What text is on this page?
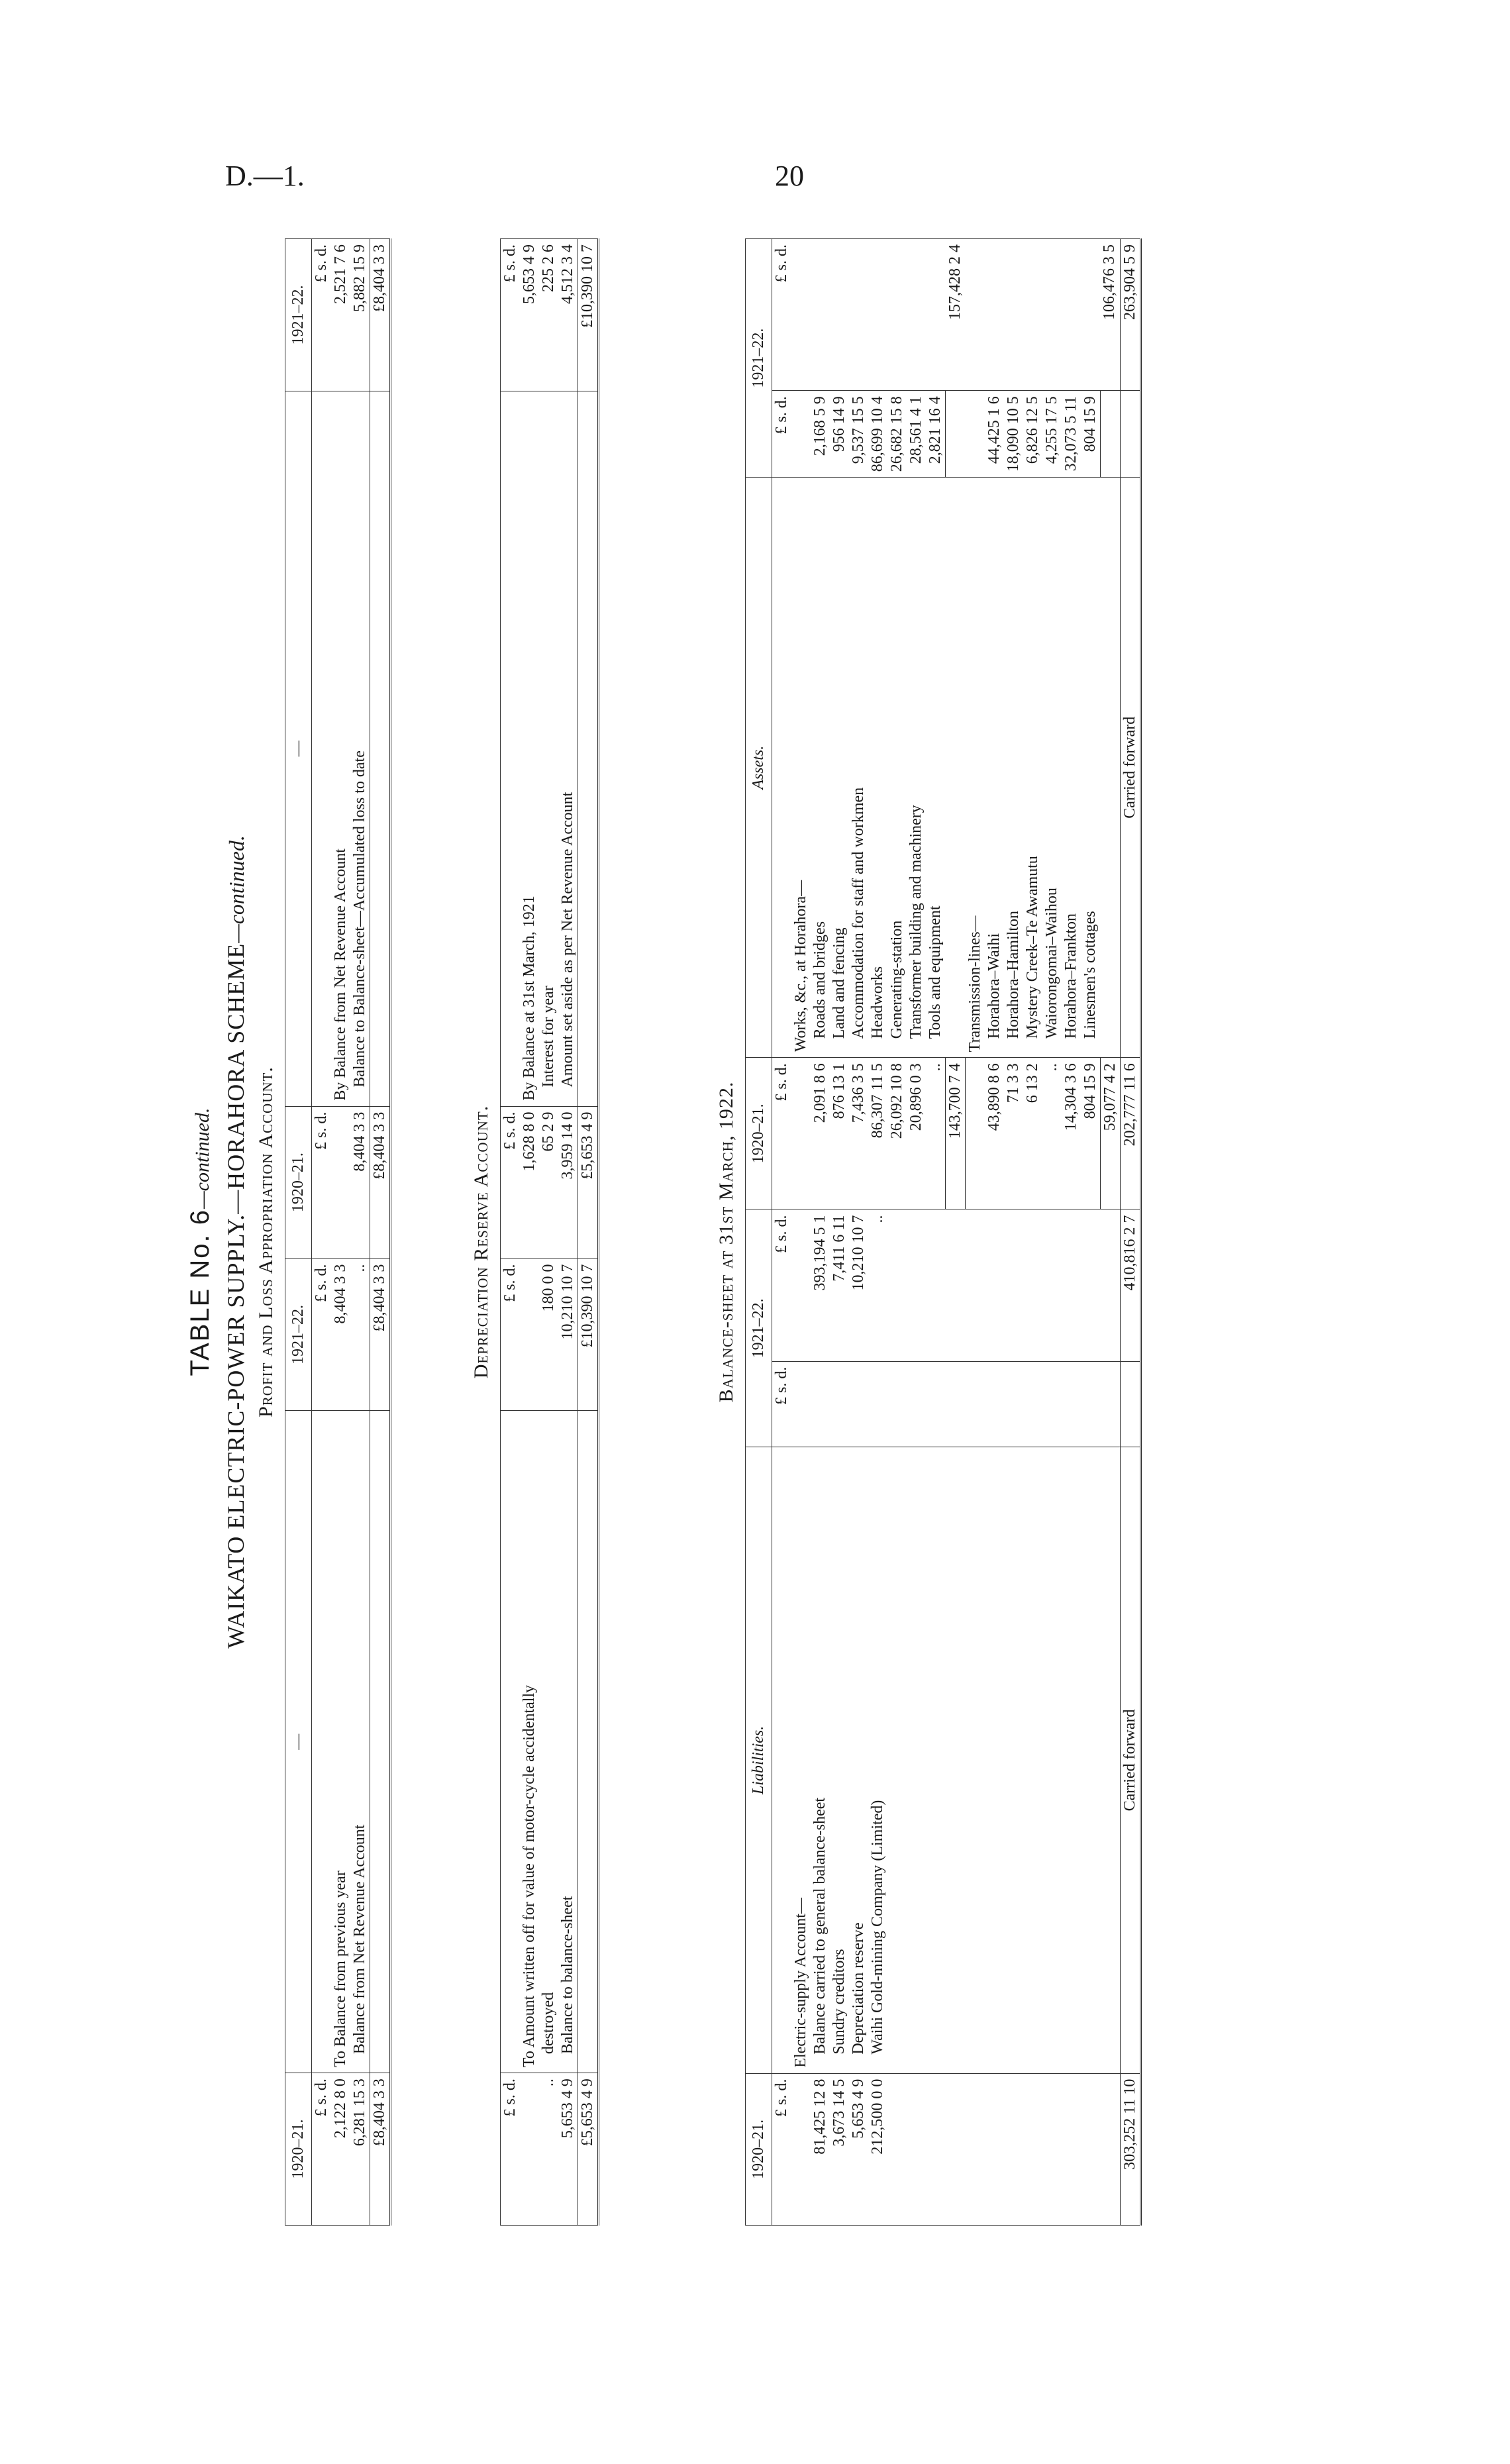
D.—1.	20
TABLE No. 6—continued. WAIKATO ELECTRIC-POWER SUPPLY.—HORAHORA SCHEME—continued.
Profit and Loss Appropriation Account.
1920–21.	—	1921–22.	1920–21.	—	1921–22.
£ s. d.		£ s. d.	£ s. d.		£ s. d.
2,122 8 0	To Balance from previous year	8,404 3 3		By Balance from Net Revenue Account	2,521 7 6
6,281 15 3	Balance from Net Revenue Account	..	8,404 3 3	Balance to Balance-sheet—Accumulated loss to date	5,882 15 9
£8,404 3 3		£8,404 3 3	£8,404 3 3		£8,404 3 3
Depreciation Reserve Account.
£ s. d.		£ s. d.	£ s. d.		£ s. d.
	To Amount written off for value of motor-cycle accidentally		1,628 8 0	By Balance at 31st March, 1921	5,653 4 9
..	destroyed	180 0 0	65 2 9	Interest for year	225 2 6
5,653 4 9	Balance to balance-sheet	10,210 10 7	3,959 14 0	Amount set aside as per Net Revenue Account	4,512 3 4
£5,653 4 9		£10,390 10 7	£5,653 4 9		£10,390 10 7
Balance-sheet at 31st March, 1922.
1920–21.	Liabilities.	1921–22.		1920–21.	Assets.	1921–22.	
£ s. d.		£ s. d.	£ s. d.	£ s. d.		£ s. d.	£ s. d.
	Electric-supply Account—				Works, &c., at Horahora—		
81,425 12 8	Balance carried to general balance-sheet		393,194 5 1	2,091 8 6	Roads and bridges	2,168 5 9	
3,673 14 5	Sundry creditors		7,411 6 11	876 13 1	Land and fencing	956 14 9	
5,653 4 9	Depreciation reserve		10,210 10 7	7,436 3 5	Accommodation for staff and workmen	9,537 15 5	
212,500 0 0	Waihi Gold-mining Company (Limited)		..	86,307 11 5	Headworks	86,699 10 4	
				26,092 10 8	Generating-station	26,682 15 8	
				20,896 0 3	Transformer building and machinery	28,561 4 1	
				..	Tools and equipment	2,821 16 4	
				143,700 7 4			157,428 2 4
					Transmission-lines—		
				43,890 8 6	Horahora–Waihi	44,425 1 6	
				71 3 3	Horahora–Hamilton	18,090 10 5	
				6 13 2	Mystery Creek–Te Awamutu	6,826 12 5	
				..	Waiorongomai–Waihou	4,255 17 5	
				14,304 3 6	Horahora–Frankton	32,073 5 11	
				804 15 9	Linesmen's cottages	804 15 9	
				59,077 4 2			106,476 3 5
303,252 11 10	Carried forward		410,816 2 7	202,777 11 6	Carried forward		263,904 5 9
